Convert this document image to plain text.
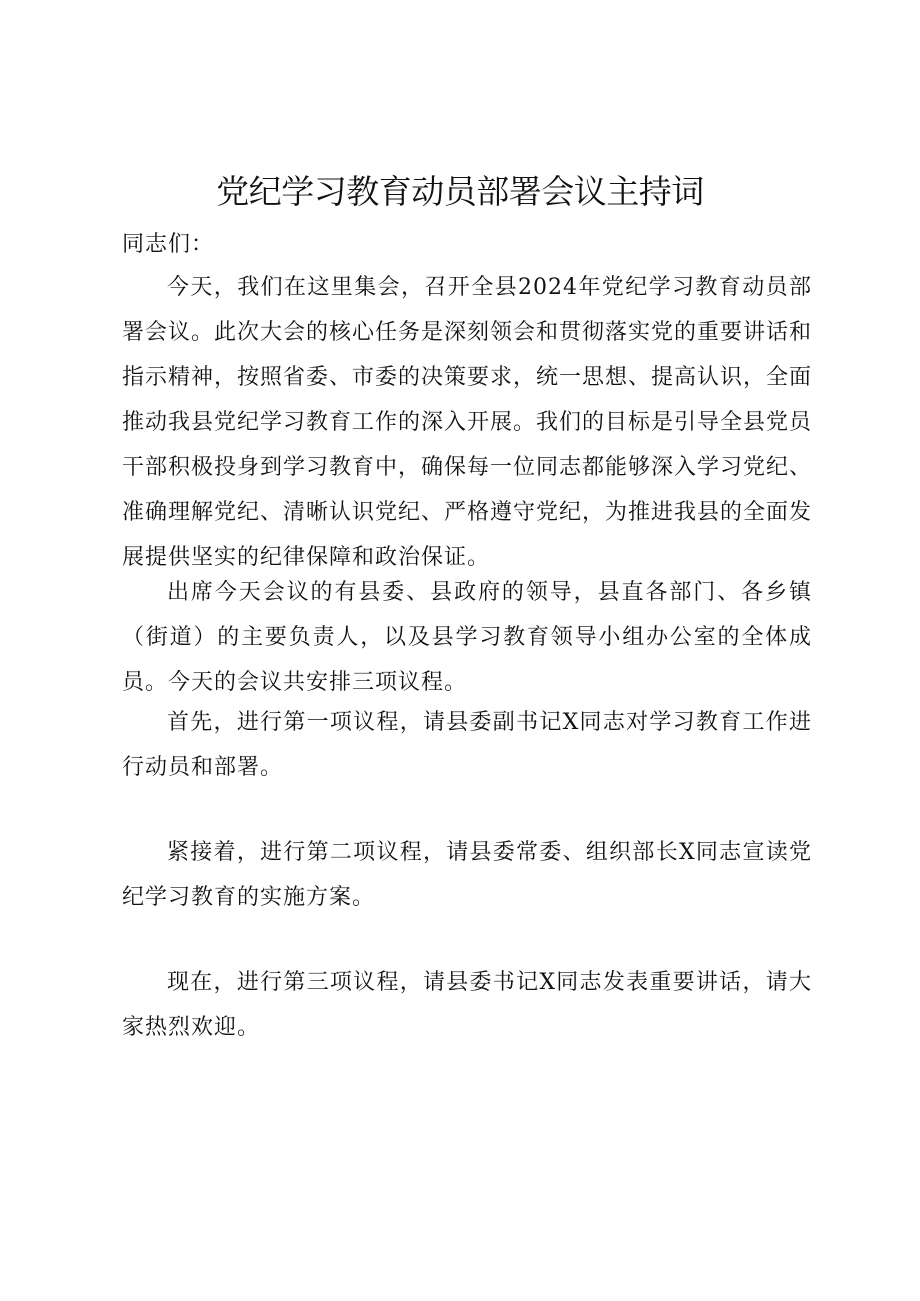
党纪学习教育动员部署会议主持词

同志们：

今天，我们在这里集会，召开全县2024年党纪学习教育动员部署会议。此次大会的核心任务是深刻领会和贯彻落实党的重要讲话和指示精神，按照省委、市委的决策要求，统一思想、提高认识，全面推动我县党纪学习教育工作的深入开展。我们的目标是引导全县党员干部积极投身到学习教育中，确保每一位同志都能够深入学习党纪、准确理解党纪、清晰认识党纪、严格遵守党纪，为推进我县的全面发展提供坚实的纪律保障和政治保证。

出席今天会议的有县委、县政府的领导，县直各部门、各乡镇（街道）的主要负责人，以及县学习教育领导小组办公室的全体成员。今天的会议共安排三项议程。

首先，进行第一项议程，请县委副书记X同志对学习教育工作进行动员和部署。

紧接着，进行第二项议程，请县委常委、组织部长X同志宣读党纪学习教育的实施方案。

现在，进行第三项议程，请县委书记X同志发表重要讲话，请大家热烈欢迎。
